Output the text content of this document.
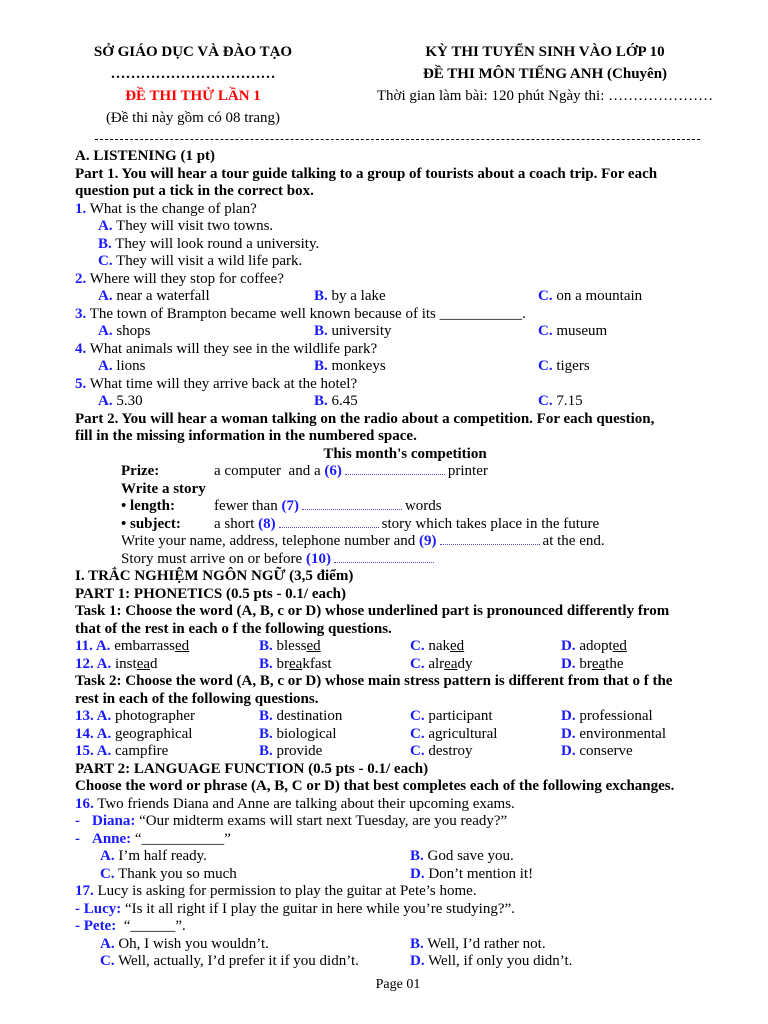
SỞ GIÁO DỤC VÀ ĐÀO TẠO
……………………………
ĐỀ THI THỬ LẦN 1
(Đề thi này gồm có 08 trang)
KỲ THI TUYỂN SINH VÀO LỚP 10
ĐỀ THI MÔN TIẾNG ANH (Chuyên)
Thời gian làm bài: 120 phút Ngày thi: …………………
A. LISTENING (1 pt)
Part 1. You will hear a tour guide talking to a group of tourists about a coach trip. For each
question put a tick in the correct box.
1. What is the change of plan?
A. They will visit two towns.
B. They will look round a university.
C. They will visit a wild life park.
2. Where will they stop for coffee?
A. near a waterfall	B. by a lake	C. on a mountain
3. The town of Brampton became well known because of its ___________.
A. shops	B. university	C. museum
4. What animals will they see in the wildlife park?
A. lions	B. monkeys	C. tigers
5. What time will they arrive back at the hotel?
A. 5.30	B. 6.45	C. 7.15
Part 2. You will hear a woman talking on the radio about a competition. For each question,
fill in the missing information in the numbered space.
This month's competition
Prize:	a computer  and a (6)	printer
Write a story
• length:	fewer than (7)	words
• subject: a short (8)	story which takes place in the future
Write your name, address, telephone number and (9)	at the end.
Story must arrive on or before (10)
I. TRẮC NGHIỆM NGÔN NGỮ (3,5 điểm)
PART 1: PHONETICS (0.5 pts - 0.1/ each)
Task 1: Choose the word (A, B, c or D) whose underlined part is pronounced differently from
that of the rest in each o f the following questions.
11. A. embarrassed	B. blessed	C. naked	D. adopted
12. A. instead	B. breakfast	C. already	D. breathe
Task 2: Choose the word (A, B, c or D) whose main stress pattern is different from that o f the
rest in each of the following questions.
13. A. photographer	B. destination	C. participant	D. professional
14. A. geographical	B. biological	C. agricultural	D. environmental
15. A. campfire	B. provide	C. destroy	D. conserve
PART 2: LANGUAGE FUNCTION (0.5 pts - 0.1/ each)
Choose the word or phrase (A, B, C or D) that best completes each of the following exchanges.
16. Two friends Diana and Anne are talking about their upcoming exams.
- Diana: “Our midterm exams will start next Tuesday, are you ready?”
- Anne: “___________”
A. I’m half ready.	B. God save you.
C. Thank you so much	D. Don’t mention it!
17. Lucy is asking for permission to play the guitar at Pete’s home.
- Lucy: “Is it all right if I play the guitar in here while you’re studying?”.
- Pete:  “______”.
A. Oh, I wish you wouldn’t.	B. Well, I’d rather not.
C. Well, actually, I’d prefer it if you didn’t.	D. Well, if only you didn’t.
Page 01
